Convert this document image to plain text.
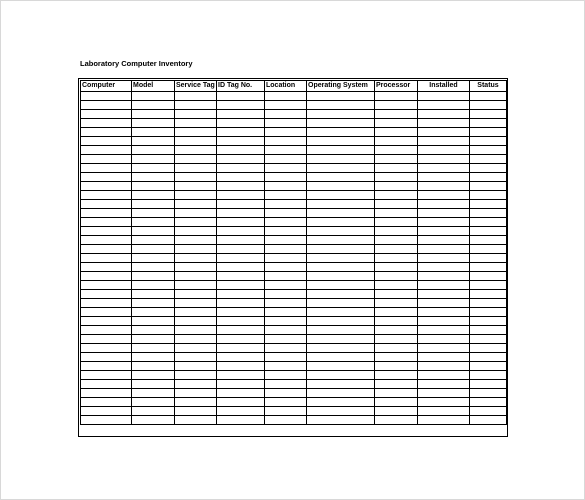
Laboratory Computer Inventory
Computer	Model	Service Tag	ID Tag No.	Location	Operating System	Processor	Installed	Status
